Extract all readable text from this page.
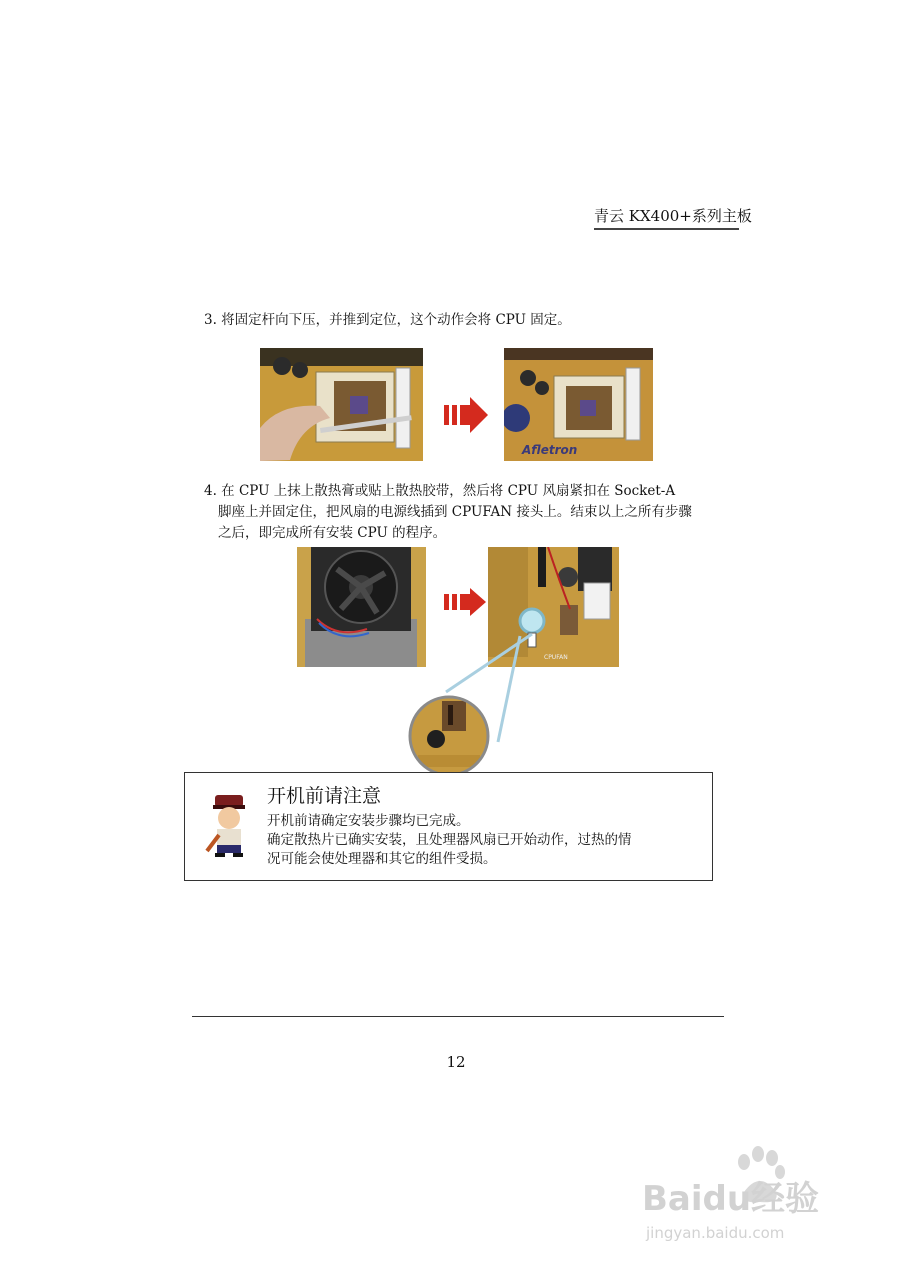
青云 KX400+系列主板
3. 将固定杆向下压，并推到定位，这个动作会将 CPU 固定。
Afletron
4. 在 CPU 上抹上散热膏或贴上散热胶带，然后将 CPU 风扇紧扣在 Socket-A
脚座上并固定住，把风扇的电源线插到 CPUFAN 接头上。结束以上之所有步骤
之后，即完成所有安装 CPU 的程序。
CPUFAN
开机前请注意
开机前请确定安装步骤均已完成。
确定散热片已确实安装，且处理器风扇已开始动作，过热的情
况可能会使处理器和其它的组件受损。
12
Baidu经验
jingyan.baidu.com
